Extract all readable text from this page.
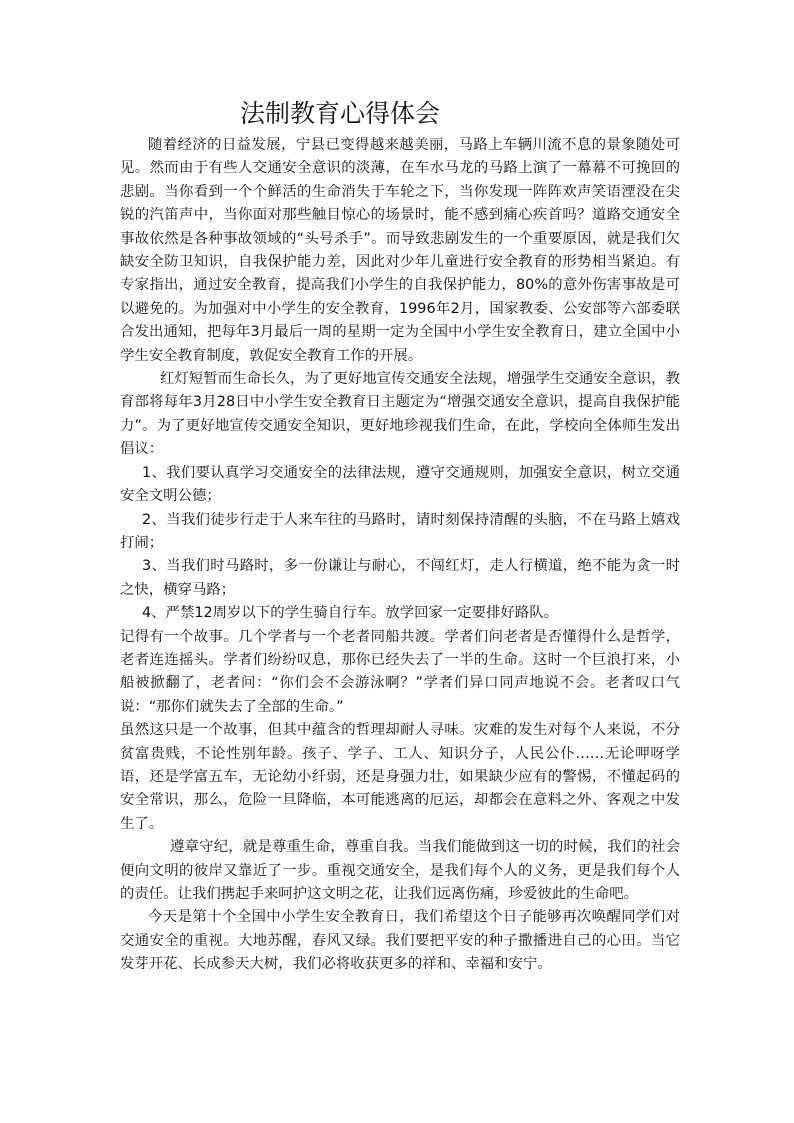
法制教育心得体会

随着经济的日益发展，宁县已变得越来越美丽，马路上车辆川流不息的景象随处可见。然而由于有些人交通安全意识的淡薄，在车水马龙的马路上演了一幕幕不可挽回的悲剧。当你看到一个个鲜活的生命消失于车轮之下，当你发现一阵阵欢声笑语湮没在尖锐的汽笛声中，当你面对那些触目惊心的场景时，能不感到痛心疾首吗？道路交通安全事故依然是各种事故领域的“头号杀手”。而导致悲剧发生的一个重要原因，就是我们欠缺安全防卫知识，自我保护能力差，因此对少年儿童进行安全教育的形势相当紧迫。有专家指出，通过安全教育，提高我们小学生的自我保护能力，80%的意外伤害事故是可以避免的。为加强对中小学生的安全教育，1996年2月，国家教委、公安部等六部委联合发出通知，把每年3月最后一周的星期一定为全国中小学生安全教育日，建立全国中小学生安全教育制度，敦促安全教育工作的开展。

红灯短暂而生命长久，为了更好地宣传交通安全法规，增强学生交通安全意识，教育部将每年3月28日中小学生安全教育日主题定为“增强交通安全意识，提高自我保护能力”。为了更好地宣传交通安全知识，更好地珍视我们生命，在此，学校向全体师生发出倡议：

1、我们要认真学习交通安全的法律法规，遵守交通规则，加强安全意识，树立交通安全文明公德；

2、当我们徒步行走于人来车往的马路时，请时刻保持清醒的头脑，不在马路上嬉戏打闹；

3、当我们时马路时，多一份谦让与耐心，不闯红灯，走人行横道，绝不能为贪一时之快，横穿马路；

4、严禁12周岁以下的学生骑自行车。放学回家一定要排好路队。

记得有一个故事。几个学者与一个老者同船共渡。学者们问老者是否懂得什么是哲学，老者连连摇头。学者们纷纷叹息，那你已经失去了一半的生命。这时一个巨浪打来，小船被掀翻了，老者问：“你们会不会游泳啊？”学者们异口同声地说不会。老者叹口气说：“那你们就失去了全部的生命。”

虽然这只是一个故事，但其中蕴含的哲理却耐人寻味。灾难的发生对每个人来说，不分贫富贵贱，不论性别年龄。孩子、学子、工人、知识分子，人民公仆……无论呷呀学语，还是学富五车，无论幼小纤弱，还是身强力壮，如果缺少应有的警惕，不懂起码的安全常识，那么，危险一旦降临，本可能逃离的厄运，却都会在意料之外、客观之中发生了。

遵章守纪，就是尊重生命，尊重自我。当我们能做到这一切的时候，我们的社会便向文明的彼岸又靠近了一步。重视交通安全，是我们每个人的义务，更是我们每个人的责任。让我们携起手来呵护这文明之花，让我们远离伤痛，珍爱彼此的生命吧。

今天是第十个全国中小学生安全教育日，我们希望这个日子能够再次唤醒同学们对交通安全的重视。大地苏醒，春风又绿。我们要把平安的种子撒播进自己的心田。当它发芽开花、长成参天大树，我们必将收获更多的祥和、幸福和安宁。
